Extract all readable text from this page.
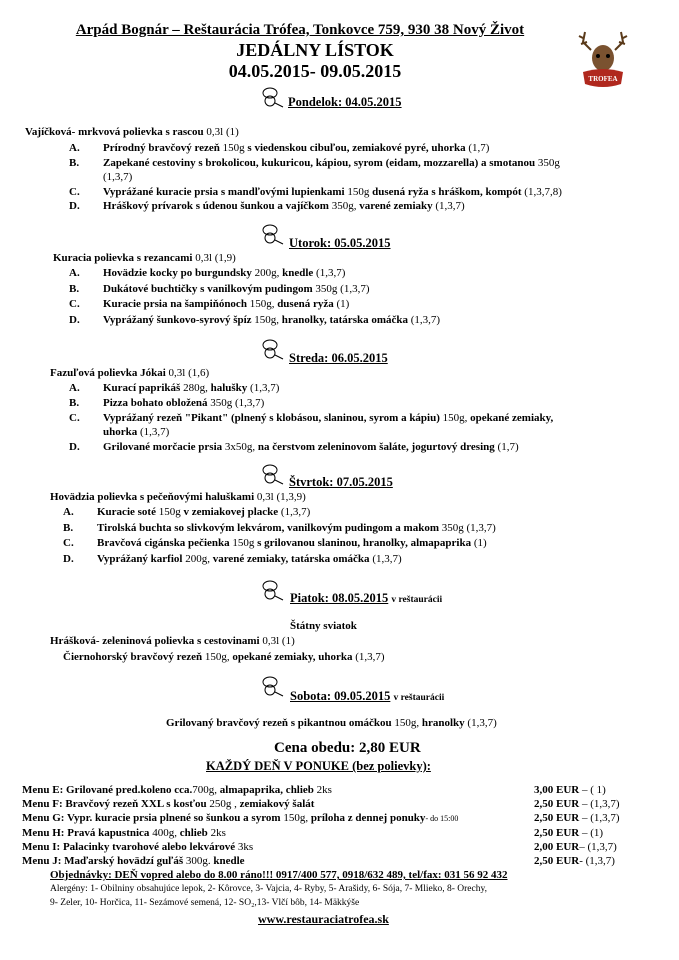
Arpád Bognár – Reštaurácia Trófea, Tonkovce 759, 930 38 Nový Život
JEDÁLNY LÍSTOK
04.05.2015- 09.05.2015	TROFEA
Pondelok: 04.05.2015
Vajíčková- mrkvová polievka s rascou 0,3l (1)
A. Prírodný bravčový rezeň 150g s viedenskou cibuľou, zemiakové pyré, uhorka (1,7)
B. Zapekané cestoviny s brokolicou, kukuricou, kápiou, syrom (eidam, mozzarella) a smotanou 350g
(1,3,7)
C. Vyprážané kuracie prsia s mandľovými lupienkami 150g dusená ryža s hráškom, kompót (1,3,7,8)
D. Hráškový prívarok s údenou šunkou a vajíčkom 350g, varené zemiaky (1,3,7)
Utorok: 05.05.2015
Kuracia polievka s rezancami 0,3l (1,9)
A. Hovädzie kocky po burgundsky 200g, knedle (1,3,7)
B. Dukátové buchtičky s vanilkovým pudingom 350g (1,3,7)
C. Kuracie prsia na šampiňónoch 150g, dusená ryža (1)
D. Vyprážaný šunkovo-syrový špíz 150g, hranolky, tatárska omáčka (1,3,7)
Streda: 06.05.2015
Fazuľová polievka Jókai 0,3l (1,6)
A. Kurací paprikáš 280g, halušky (1,3,7)
B. Pizza bohato obložená 350g (1,3,7)
C. Vyprážaný rezeň "Pikant" (plnený s klobásou, slaninou, syrom a kápiu) 150g, opekané zemiaky,
uhorka (1,3,7)
D. Grilované morčacie prsia 3x50g, na čerstvom zeleninovom šaláte, jogurtový dresing (1,7)
Štvrtok: 07.05.2015
Hovädzia polievka s pečeňovými haluškami 0,3l (1,3,9)
A. Kuracie soté 150g v zemiakovej placke (1,3,7)
B. Tirolská buchta so slivkovým lekvárom, vanilkovým pudingom a makom 350g (1,3,7)
C. Bravčová cigánska pečienka 150g s grilovanou slaninou, hranolky, almapaprika (1)
D. Vyprážaný karfiol 200g, varené zemiaky, tatárska omáčka (1,3,7)
Piatok: 08.05.2015 v reštaurácii
Štátny sviatok
Hrášková- zeleninová polievka s cestovinami 0,3l (1)
Čiernohorský bravčový rezeň 150g, opekané zemiaky, uhorka (1,3,7)
Sobota: 09.05.2015 v reštaurácii
Grilovaný bravčový rezeň s pikantnou omáčkou 150g, hranolky (1,3,7)
Cena obedu: 2,80 EUR
KAŽDÝ DEŇ V PONUKE (bez polievky):
Menu E: Grilované pred.koleno cca.700g, almapaprika, chlieb 2ks	3,00 EUR – ( 1)
Menu F: Bravčový rezeň XXL s kosťou 250g , zemiakový šalát	2,50 EUR – (1,3,7)
Menu G: Vypr. kuracie prsia plnené so šunkou a syrom 150g, príloha z dennej ponuky- do 15:00	2,50 EUR – (1,3,7)
Menu H: Pravá kapustnica 400g, chlieb 2ks	2,50 EUR – (1)
Menu I: Palacinky tvarohové alebo lekvárové 3ks	2,00 EUR– (1,3,7)
Menu J: Maďarský hovädzí guľáš 300g. knedle	2,50 EUR- (1,3,7)
Objednávky: DEŇ vopred alebo do 8.00 ráno!!! 0917/400 577, 0918/632 489, tel/fax: 031 56 92 432
Alergény: 1- Obilniny obsahujúce lepok, 2- Kôrovce, 3- Vajcia, 4- Ryby, 5- Arašidy, 6- Sója, 7- Mlieko, 8- Orechy,
9- Zeler, 10- Horčica, 11- Sezámové semená, 12- SO₂,13- Vlčí bôb, 14- Mäkkýše
www.restauraciatrofea.sk
